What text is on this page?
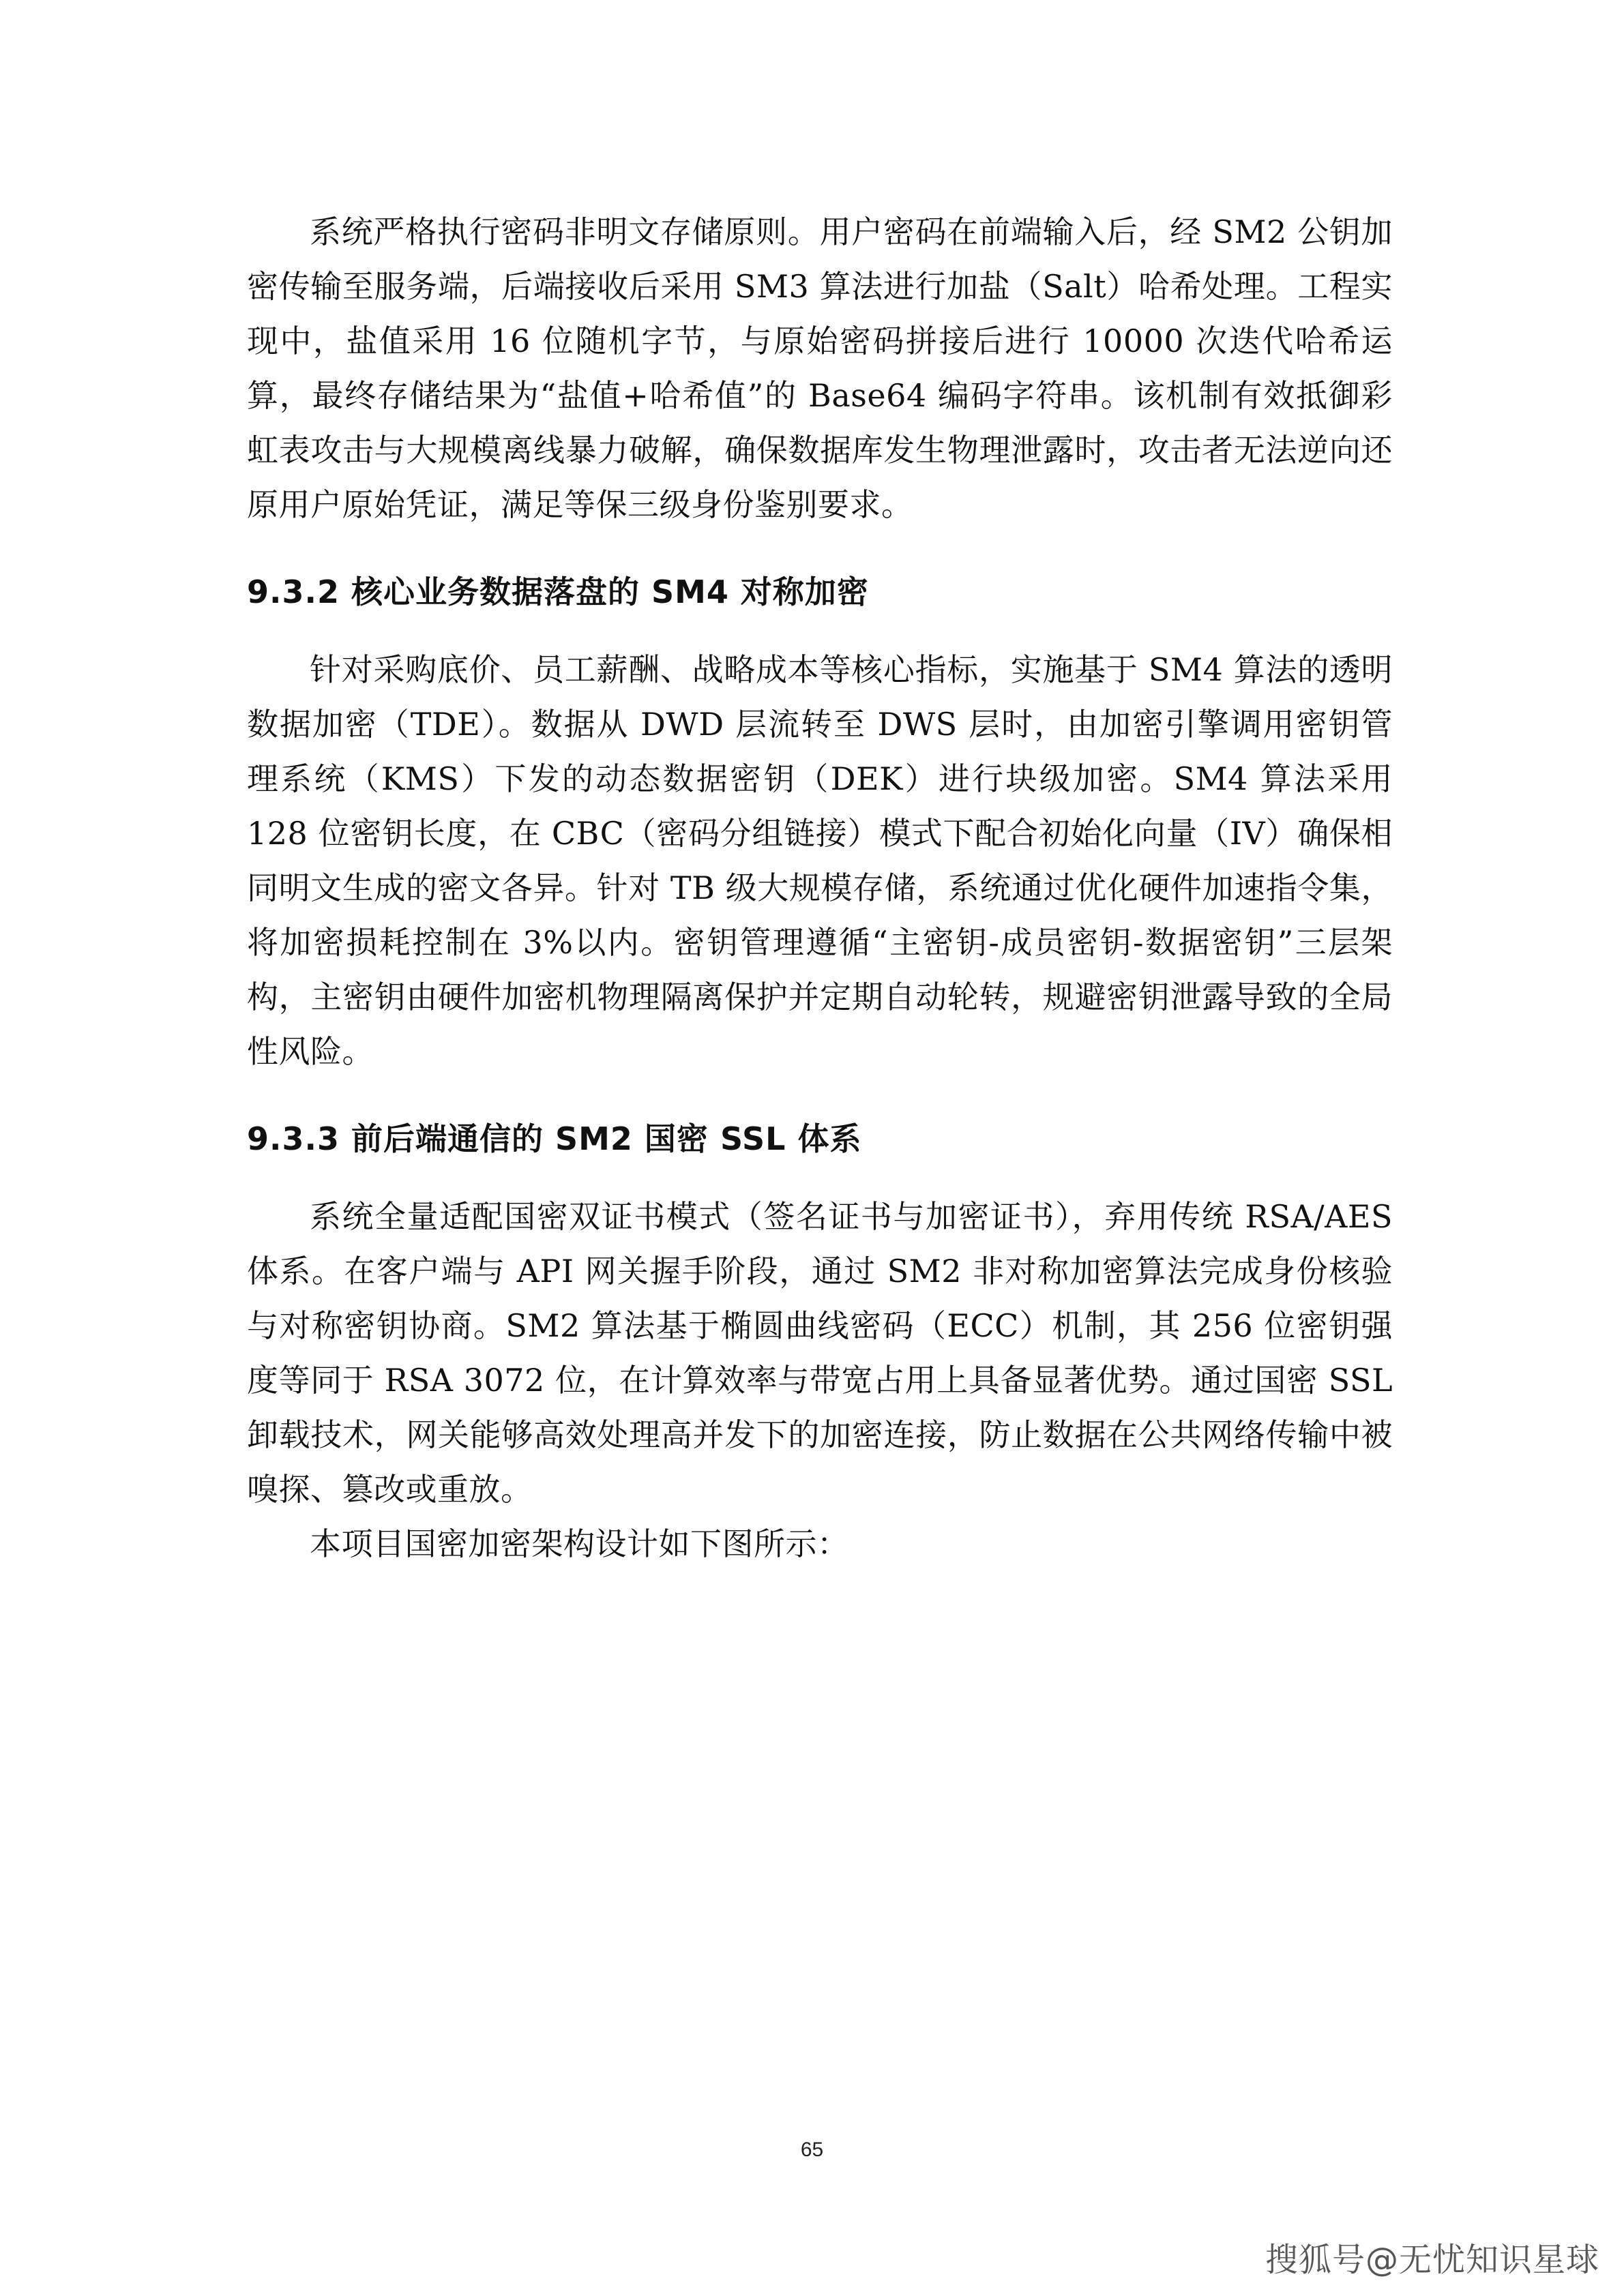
系统严格执行密码非明文存储原则。用户密码在前端输入后，经 SM2 公钥加密传输至服务端，后端接收后采用 SM3 算法进行加盐（Salt）哈希处理。工程实现中，盐值采用 16 位随机字节，与原始密码拼接后进行 10000 次迭代哈希运算，最终存储结果为“盐值+哈希值”的 Base64 编码字符串。该机制有效抵御彩虹表攻击与大规模离线暴力破解，确保数据库发生物理泄露时，攻击者无法逆向还原用户原始凭证，满足等保三级身份鉴别要求。

9.3.2 核心业务数据落盘的 SM4 对称加密

针对采购底价、员工薪酬、战略成本等核心指标，实施基于 SM4 算法的透明数据加密（TDE）。数据从 DWD 层流转至 DWS 层时，由加密引擎调用密钥管理系统（KMS）下发的动态数据密钥（DEK）进行块级加密。SM4 算法采用 128 位密钥长度，在 CBC（密码分组链接）模式下配合初始化向量（IV）确保相同明文生成的密文各异。针对 TB 级大规模存储，系统通过优化硬件加速指令集，将加密损耗控制在 3%以内。密钥管理遵循“主密钥-成员密钥-数据密钥”三层架构，主密钥由硬件加密机物理隔离保护并定期自动轮转，规避密钥泄露导致的全局性风险。

9.3.3 前后端通信的 SM2 国密 SSL 体系

系统全量适配国密双证书模式（签名证书与加密证书），弃用传统 RSA/AES 体系。在客户端与 API 网关握手阶段，通过 SM2 非对称加密算法完成身份核验与对称密钥协商。SM2 算法基于椭圆曲线密码（ECC）机制，其 256 位密钥强度等同于 RSA 3072 位，在计算效率与带宽占用上具备显著优势。通过国密 SSL 卸载技术，网关能够高效处理高并发下的加密连接，防止数据在公共网络传输中被嗅探、篡改或重放。

本项目国密加密架构设计如下图所示：

65
搜狐号@无忧知识星球
